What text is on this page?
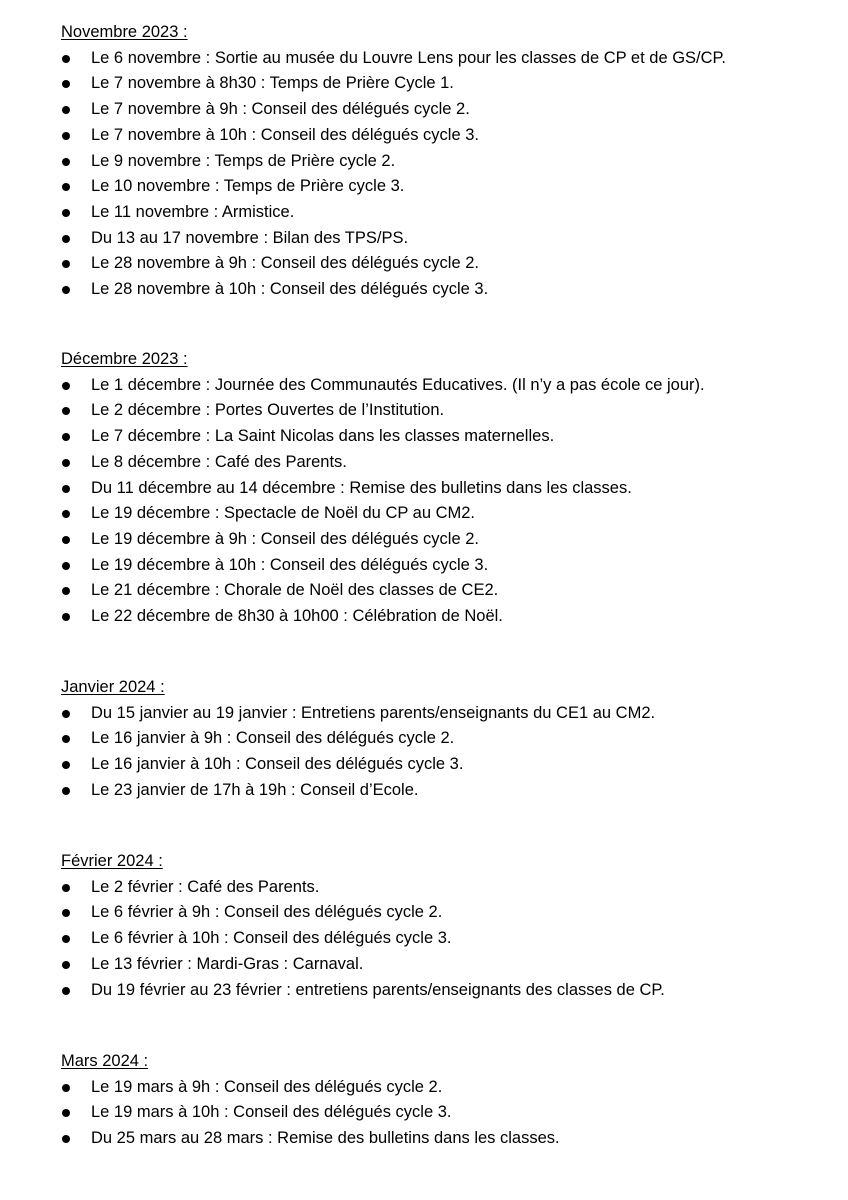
Novembre 2023 :
Le 6 novembre : Sortie au musée du Louvre Lens pour les classes de CP et de GS/CP.
Le 7 novembre à 8h30 : Temps de Prière Cycle 1.
Le 7 novembre à 9h : Conseil des délégués cycle 2.
Le 7 novembre à 10h : Conseil des délégués cycle 3.
Le 9 novembre : Temps de Prière cycle 2.
Le 10 novembre : Temps de Prière cycle 3.
Le 11 novembre : Armistice.
Du 13 au 17 novembre : Bilan des TPS/PS.
Le 28 novembre à 9h : Conseil des délégués cycle 2.
Le 28 novembre à 10h : Conseil des délégués cycle 3.
Décembre 2023 :
Le 1 décembre : Journée des Communautés Educatives. (Il n’y a pas école ce jour).
Le 2 décembre : Portes Ouvertes de l’Institution.
Le 7 décembre : La Saint Nicolas dans les classes maternelles.
Le 8 décembre : Café des Parents.
Du 11 décembre au 14 décembre : Remise des bulletins dans les classes.
Le 19 décembre : Spectacle de Noël du CP au CM2.
Le 19 décembre à 9h : Conseil des délégués cycle 2.
Le 19 décembre à 10h : Conseil des délégués cycle 3.
Le 21 décembre : Chorale de Noël des classes de CE2.
Le 22 décembre de 8h30 à 10h00 : Célébration de Noël.
Janvier 2024 :
Du 15 janvier au 19 janvier : Entretiens parents/enseignants du CE1 au CM2.
Le 16 janvier à 9h : Conseil des délégués cycle 2.
Le 16 janvier à 10h : Conseil des délégués cycle 3.
Le 23 janvier de 17h à 19h : Conseil d’Ecole.
Février 2024 :
Le 2 février : Café des Parents.
Le 6 février à 9h : Conseil des délégués cycle 2.
Le 6 février à 10h : Conseil des délégués cycle 3.
Le 13 février : Mardi-Gras : Carnaval.
Du 19 février au 23 février : entretiens parents/enseignants des classes de CP.
Mars 2024 :
Le 19 mars à 9h : Conseil des délégués cycle 2.
Le 19 mars à 10h : Conseil des délégués cycle 3.
Du 25 mars au 28 mars : Remise des bulletins dans les classes.
